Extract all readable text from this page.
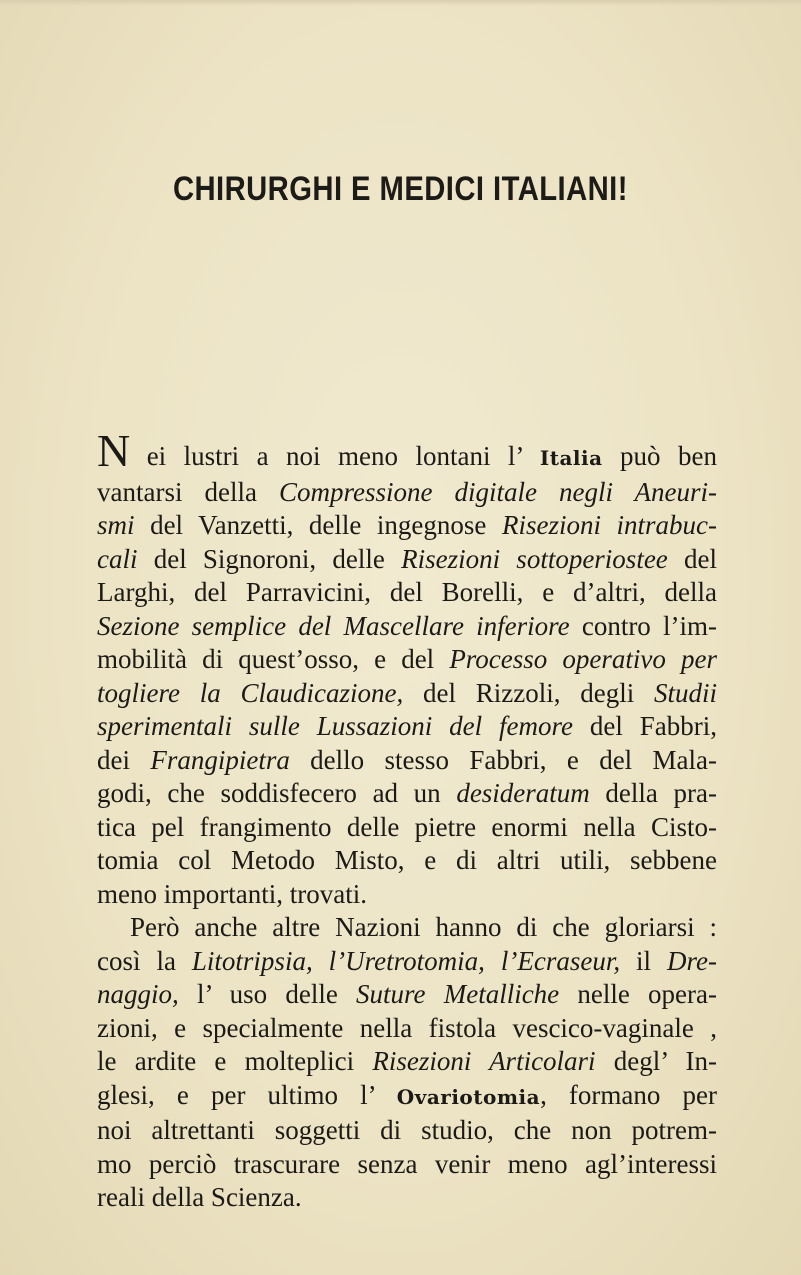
CHIRURGHI E MEDICI ITALIANI!
N ei lustri a noi meno lontani l’ Italia può ben
vantarsi della Compressione digitale negli Aneuri-
smi del Vanzetti, delle ingegnose Risezioni intrabuc-
cali del Signoroni, delle Risezioni sottoperiostee del
Larghi, del Parravicini, del Borelli, e d’altri, della
Sezione semplice del Mascellare inferiore contro l’im-
mobilità di quest’osso, e del Processo operativo per
togliere la Claudicazione, del Rizzoli, degli Studii
sperimentali sulle Lussazioni del femore del Fabbri,
dei Frangipietra dello stesso Fabbri, e del Mala-
godi, che soddisfecero ad un desideratum della pra-
tica pel frangimento delle pietre enormi nella Cisto-
tomia col Metodo Misto, e di altri utili, sebbene
meno importanti, trovati.
Però anche altre Nazioni hanno di che gloriarsi :
così la Litotripsia, l’Uretrotomia, l’Ecraseur, il Dre-
naggio, l’ uso delle Suture Metalliche nelle opera-
zioni, e specialmente nella fistola vescico-vaginale ,
le ardite e molteplici Risezioni Articolari degl’ In-
glesi, e per ultimo l’ Ovariotomia, formano per
noi altrettanti soggetti di studio, che non potrem-
mo perciò trascurare senza venir meno agl’interessi
reali della Scienza.
